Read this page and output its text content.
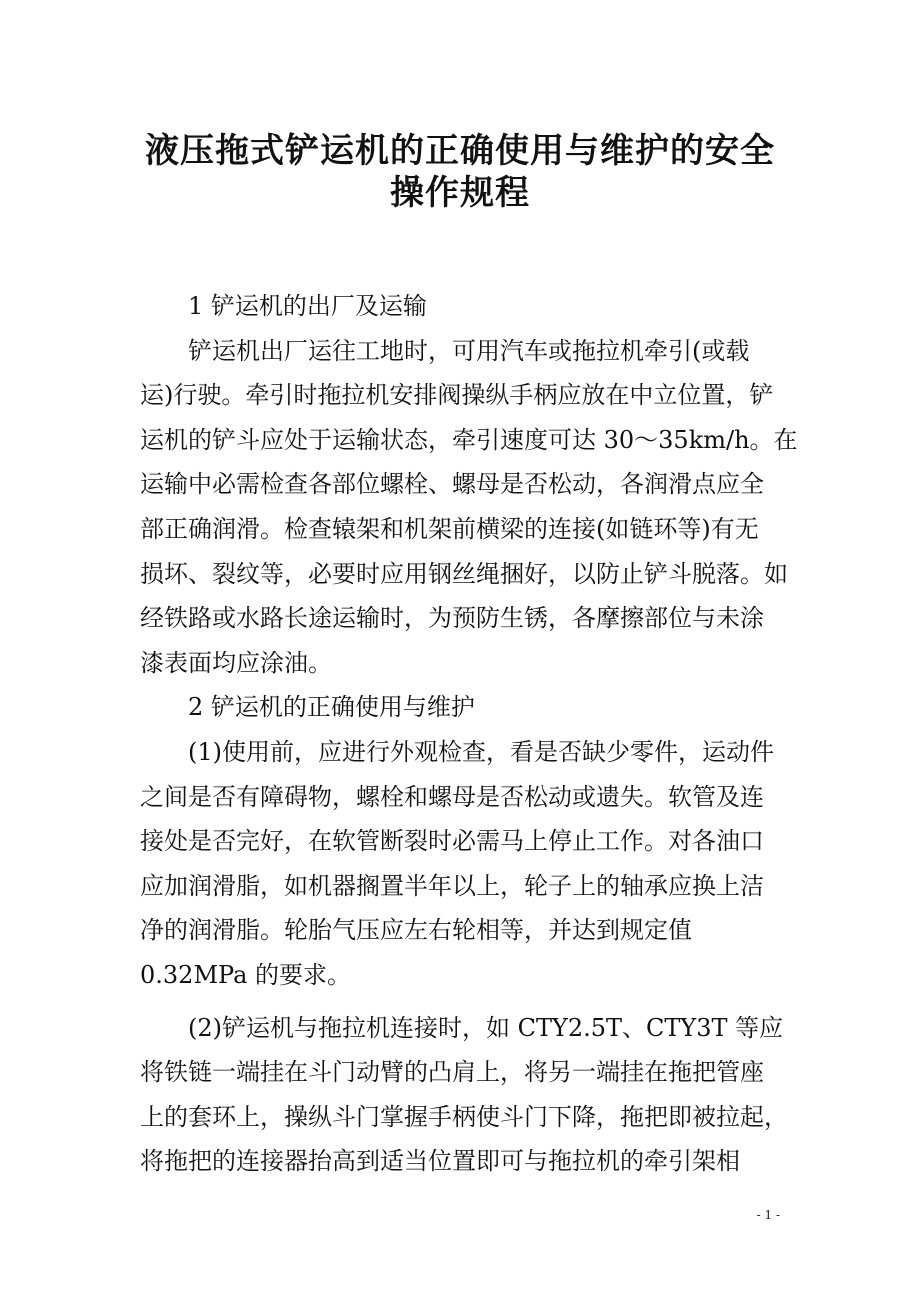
液压拖式铲运机的正确使用与维护的安全
操作规程
1 铲运机的出厂及运输
铲运机出厂运往工地时，可用汽车或拖拉机牵引(或载
运)行驶。牵引时拖拉机安排阀操纵手柄应放在中立位置，铲
运机的铲斗应处于运输状态，牵引速度可达 30～35km/h。在
运输中必需检查各部位螺栓、螺母是否松动，各润滑点应全
部正确润滑。检查辕架和机架前横梁的连接(如链环等)有无
损坏、裂纹等，必要时应用钢丝绳捆好，以防止铲斗脱落。如
经铁路或水路长途运输时，为预防生锈，各摩擦部位与未涂
漆表面均应涂油。
2 铲运机的正确使用与维护
(1)使用前，应进行外观检查，看是否缺少零件，运动件
之间是否有障碍物，螺栓和螺母是否松动或遗失。软管及连
接处是否完好，在软管断裂时必需马上停止工作。对各油口
应加润滑脂，如机器搁置半年以上，轮子上的轴承应换上洁
净的润滑脂。轮胎气压应左右轮相等，并达到规定值
0.32MPa 的要求。
(2)铲运机与拖拉机连接时，如 CTY2.5T、CTY3T 等应
将铁链一端挂在斗门动臂的凸肩上，将另一端挂在拖把管座
上的套环上，操纵斗门掌握手柄使斗门下降，拖把即被拉起，
将拖把的连接器抬高到适当位置即可与拖拉机的牵引架相
- 1 -
